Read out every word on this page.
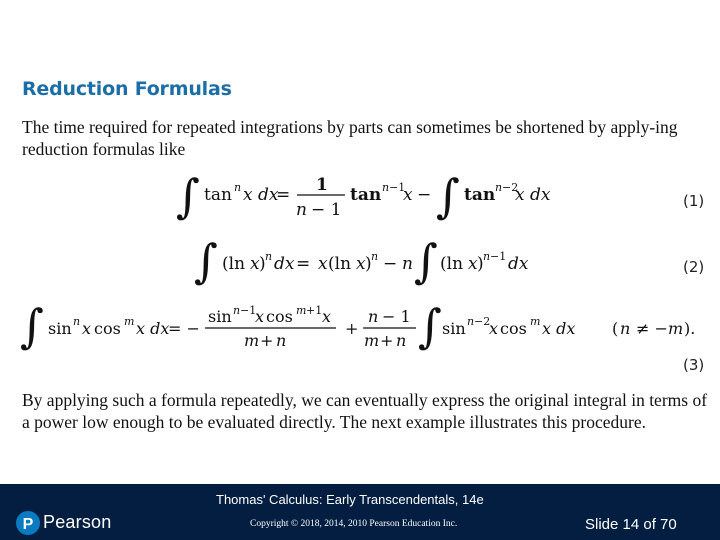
Reduction Formulas
The time required for repeated integrations by parts can sometimes be shortened by apply-ing reduction formulas like
∫ tan n x dx
= 1
n − 1
tan n −1
x − ∫ tan n −2
x dx	(1)
∫ (ln x ) n dx = x (ln x ) n − n ∫ (ln x ) n −1 dx	(2)
∫ sin n x cos m x dx
= −
sin n −1
x cos m +1 x
m + n
+
n − 1
m + n ∫ sin n −2
x cos m x dx ( n ≠ − m ).
(3)
By applying such a formula repeatedly, we can eventually express the original integral in terms of a power low enough to be evaluated directly. The next example illustrates this procedure.
Thomas' Calculus: Early Transcendentals, 14e
P Pearson	Copyright © 2018, 2014, 2010 Pearson Education Inc.	Slide 14 of 70
